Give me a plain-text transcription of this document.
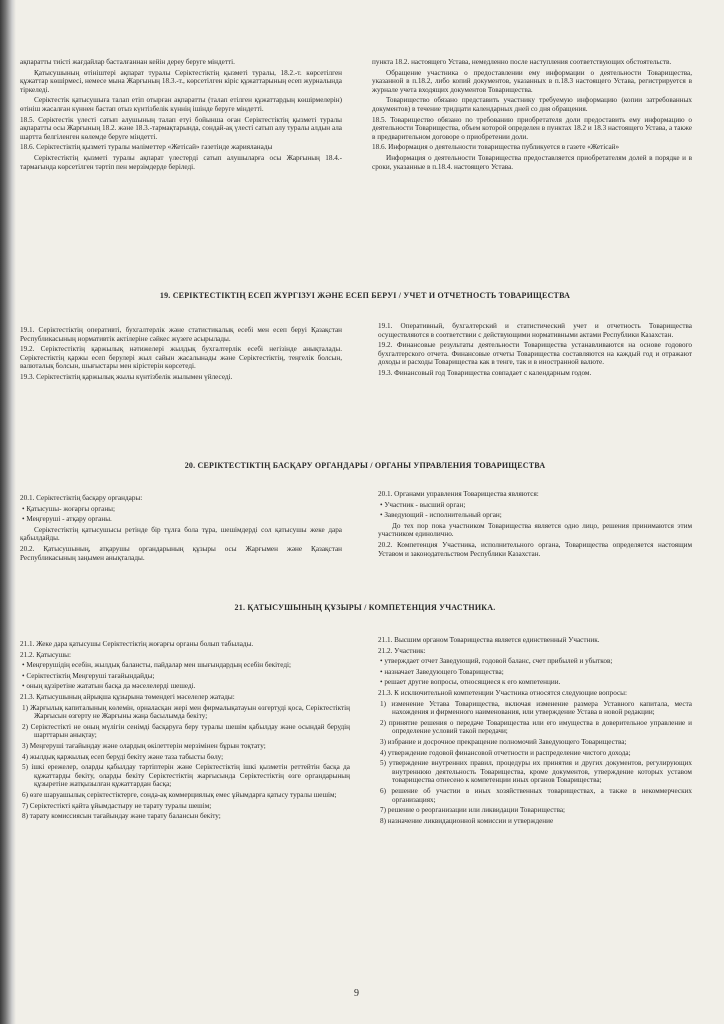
ақпаратты тиісті жағдайлар басталғаннан кейін дереу беруге міндетті.

Қатысушының өтініштері ақпарат туралы Серіктестіктің қызметі туралы, 18.2.-т. көрсетілген құжаттар көшірмесі, немесе мына Жарғының 18.3.-т., көрсетілген кіріс құжаттарының есеп журналында тіркеледі.

Серіктестік қатысушыға талап етіп отырған ақпаратты (талап етілген құжаттардың көшірмелерін) өтініш жасалған күннен бастап отыз күнтізбелік күннің ішінде беруге міндетті.

18.5. Серіктестік үлесті сатып алушының талап етуі бойынша оған Серіктестіктің қызметі туралы ақпаратты осы Жарғының 18.2. және 18.3.-тармақтарында, сондай-ақ үлесті сатып алу туралы алдын ала шартта белгіленген көлемде беруге міндетті.

18.6. Серіктестіктің қызметі туралы мәліметтер «Жетісай» газетінде жарияланады

Серіктестіктің қызметі туралы ақпарат үлестерді сатып алушыларға осы Жарғының 18.4.-тармағында көрсетілген тәртіп пен мерзімдерде беріледі.

пункта 18.2. настоящего Устава, немедленно после наступления соответствующих обстоятельств.

Обращение участника о предоставлении ему информации о деятельности Товарищества, указанной в п.18.2, либо копий документов, указанных в п.18.3 настоящего Устава, регистрируется в журнале учета входящих документов Товарищества.

Товарищество обязано представить участнику требуемую информацию (копии затребованных документов) в течение тридцати календарных дней со дня обращения.

18.5. Товарищество обязано по требованию приобретателя доли предоставить ему информацию о деятельности Товарищества, объем которой определен в пунктах 18.2 и 18.3 настоящего Устава, а также в предварительном договоре о приобретении доли.

18.6. Информация о деятельности товарищества публикуется в газете «Жетісай»

Информация о деятельности Товарищества предоставляется приобретателям долей в порядке и в сроки, указанные в п.18.4. настоящего Устава.

19. СЕРІКТЕСТІКТІҢ ЕСЕП ЖҮРГІЗУІ ЖӘНЕ ЕСЕП БЕРУІ / УЧЕТ И ОТЧЕТНОСТЬ ТОВАРИЩЕСТВА

19.1. Серіктестіктің оперативті, бухгалтерлік және статистикалық есебі мен есеп беруі Қазақстан Республикасының нормативтік актілеріне сәйкес жүзеге асырылады.

19.2. Серіктестіктің қаржылық нәтижелері жылдық бухгалтерлік есебі негізінде анықталады. Серіктестіктің қаржы есеп берулері жыл сайын жасалынады және Серіктестіктің, теңгелік болсын, валюталық болсын, шығыстары мен кірістерін көрсетеді.

19.3. Серіктестіктің қаржылық жылы күнтізбелік жылымен үйлеседі.

19.1. Оперативный, бухгалтерский и статистический учет и отчетность Товарищества осуществляются в соответствии с действующими нормативными актами Республики Казахстан.

19.2. Финансовые результаты деятельности Товарищества устанавливаются на основе годового бухгалтерского отчета. Финансовые отчеты Товарищества составляются на каждый год и отражают доходы и расходы Товарищества как в тенге, так и в иностранной валюте.

19.3. Финансовый год Товарищества совпадает с календарным годом.

20. СЕРІКТЕСТІКТІҢ БАСҚАРУ ОРГАНДАРЫ / ОРГАНЫ УПРАВЛЕНИЯ ТОВАРИЩЕСТВА

20.1. Серіктестіктің басқару органдары:

• Қатысушы- жоғарғы органы;

• Меңгеруші - атқару органы.

Серіктестіктің қатысушысы ретінде бір тұлға бола тұра, шешімдерді сол қатысушы жеке дара қабылдайды.

20.2. Қатысушының, атқарушы органдарының құзыры осы Жарғымен және Қазақстан Республикасының заңымен анықталады.

20.1. Органами управления Товарищества являются:

• Участник - высший орган;

• Заведующий - исполнительный орган;

До тех пор пока участником Товарищества является одно лицо, решения принимаются этим участником единолично.

20.2. Компетенция Участника, исполнительного органа, Товарищества определяется настоящим Уставом и законодательством Республики Казахстан.

21. ҚАТЫСУШЫНЫҢ ҚҰЗЫРЫ / КОМПЕТЕНЦИЯ УЧАСТНИКА.

21.1. Жеке дара қатысушы Серіктестіктің жоғарғы органы болып табылады.

21.2. Қатысушы:

• Меңгерушідің есебін, жылдық балансты, пайдалар мен шығындардың есебін бекітеді;

• Серіктестіктің Меңгеруші тағайындайды;

• оның құзіретіне жататын басқа да мәселелерді шешеді.

21.3. Қатысушының айрықша құзырына төмендегі мәселелер жатады:

1) Жарғылық капиталының көлемін, орналасқан жері мен фирмалықатауын өзгертуді қоса, Серіктестіктің Жарғысын өзгерту не Жарғыны жаңа басылымда бекіту;

2) Серіктестікті не оның мүлігін сенімді басқаруға беру туралы шешім қабылдау және осындай берудің шарттарын анықтау;

3) Меңгеруші тағайындау және олардың өкілеттерін мерзімінен бұрын тоқтату;

4) жылдық қаржылық есеп беруді бекіту және таза табысты бөлу;

5) ішкі ережелер, оларды қабылдау тәртіптерін және Серіктестіктің ішкі қызметін реттейтін басқа да құжаттарды бекіту, оларды бекіту Серіктестіктің жарғысында Серіктестіктің өзге органдарының құзыретіне жатқызылған құжаттардан басқа;

6) өзге шаруашылық серіктестіктерге, сонда-ақ коммерциялық емес ұйымдарға қатысу туралы шешім;

7) Серіктестікті қайта ұйымдастыру не тарату туралы шешім;

8) тарату комиссиясын тағайындау және тарату балансын бекіту;

21.1. Высшим органом Товарищества является единственный Участник.

21.2. Участник:

• утверждает отчет Заведующий, годовой баланс, счет прибылей и убытков;

• назначает Заведующего Товарищества;

• решает другие вопросы, относящиеся к его компетенции.

21.3. К исключительной компетенции Участника относятся следующие вопросы:

1) изменение Устава Товарищества, включая изменение размера Уставного капитала, места нахождения и фирменного наименования, или утверждение Устава в новой редакции;

2) принятие решения о передаче Товарищества или его имущества в доверительное управление и определение условий такой передачи;

3) избрание и досрочное прекращение полномочий Заведующего Товарищества;

4) утверждение годовой финансовой отчетности и распределение чистого дохода;

5) утверждение внутренних правил, процедуры их принятия и других документов, регулирующих внутреннюю деятельность Товарищества, кроме документов, утверждение которых уставом товарищества отнесено к компетенции иных органов Товарищества;

6) решение об участии в иных хозяйственных товариществах, а также в некоммерческих организациях;

7) решение о реорганизации или ликвидации Товарищества;

8) назначение ликвидационной комиссии и утверждение

9
